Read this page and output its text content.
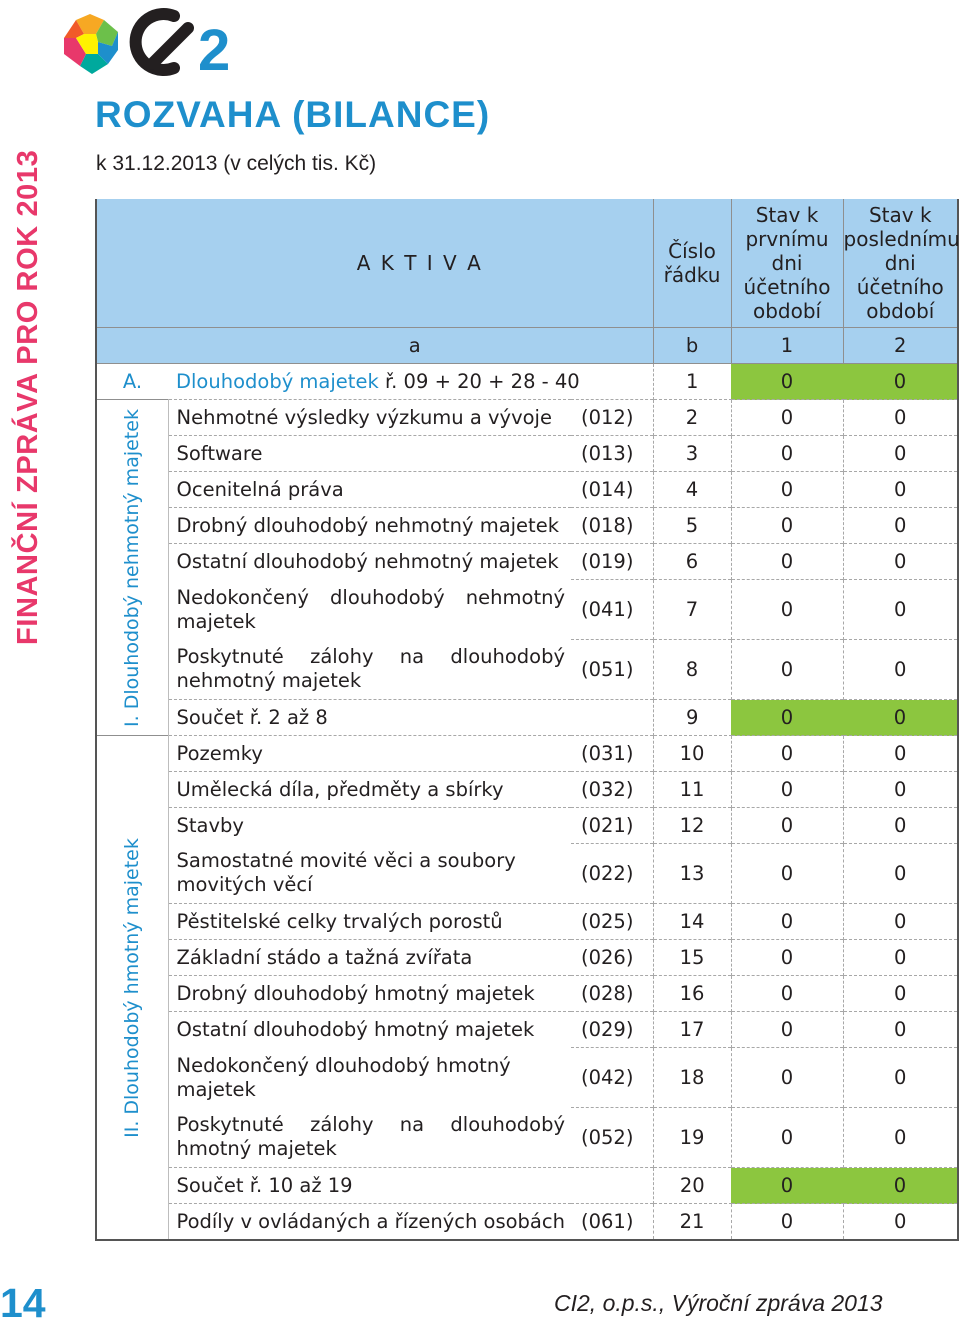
2
FINANČNÍ ZPRÁVA PRO ROK 2013
ROZVAHA (BILANCE)
k 31.12.2013 (v celých tis. Kč)
A K T I V A			Číslo řádku	Stav k prvnímu dni účetního období	Stav k poslednímu dni účetního období
a			b	1	2
A.	Dlouhodobý majetek ř. 09 + 20 + 28 - 40		1	0	0

I. Dlouhodobý nehmotný majetek	Nehmotné výsledky výzkumu a vývoje	(012)	2	0	0
	Software	(013)	3	0	0
	Ocenitelná práva	(014)	4	0	0
	Drobný dlouhodobý nehmotný majetek	(018)	5	0	0
	Ostatní dlouhodobý nehmotný majetek	(019)	6	0	0
	Nedokončený dlouhodobý nehmotný majetek	(041)	7	0	0
	Poskytnuté zálohy na dlouhodobý nehmotný majetek	(051)	8	0	0
	Součet ř. 2 až 8		9	0	0

II. Dlouhodobý hmotný majetek	Pozemky	(031)	10	0	0
	Umělecká díla, předměty a sbírky	(032)	11	0	0
	Stavby	(021)	12	0	0
	Samostatné movité věci a soubory movitých věcí	(022)	13	0	0
	Pěstitelské celky trvalých porostů	(025)	14	0	0
	Základní stádo a tažná zvířata	(026)	15	0	0
	Drobný dlouhodobý hmotný majetek	(028)	16	0	0
	Ostatní dlouhodobý hmotný majetek	(029)	17	0	0
	Nedokončený dlouhodobý hmotný majetek	(042)	18	0	0
	Poskytnuté zálohy na dlouhodobý hmotný majetek	(052)	19	0	0
	Součet ř. 10 až 19		20	0	0
	Podíly v ovládaných a řízených osobách	(061)	21	0	0
14	CI2, o.p.s., Výroční zpráva 2013
